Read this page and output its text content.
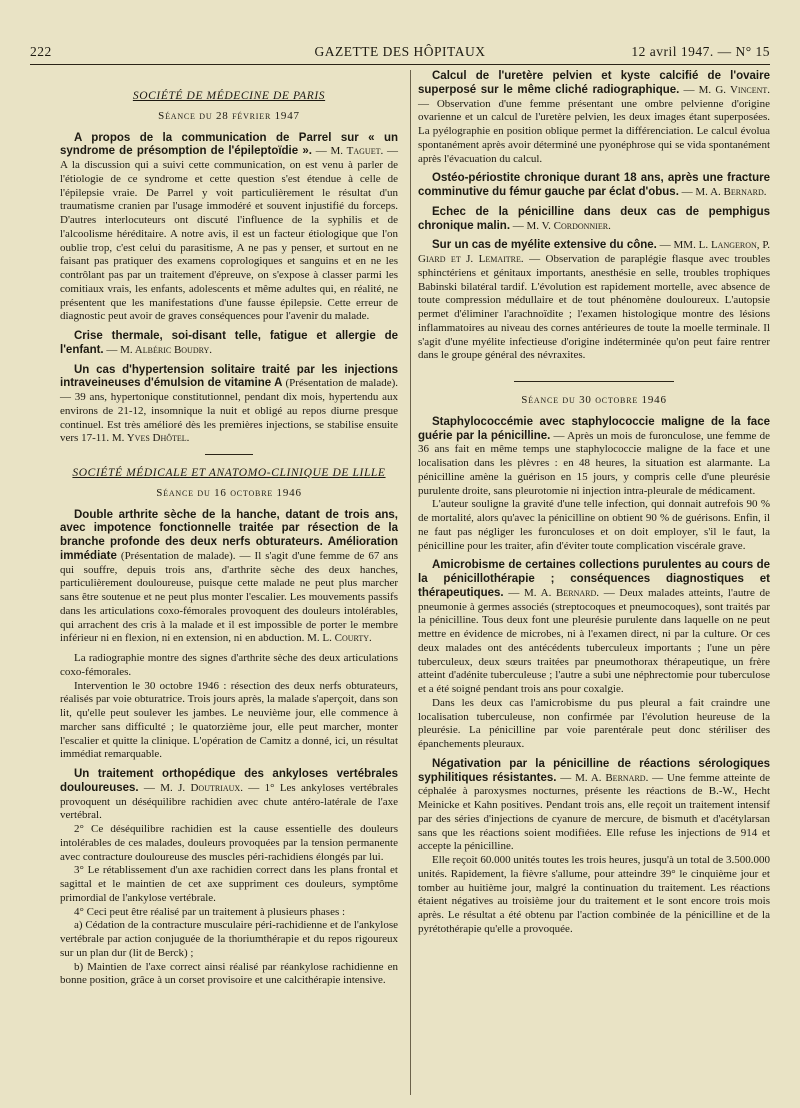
222	GAZETTE DES HÔPITAUX	12 avril 1947. — N° 15
SOCIÉTÉ DE MÉDECINE DE PARIS
Séance du 28 février 1947

A propos de la communication de Parrel sur « un syndrome de présomption de l'épileptoïdie ». — M. Taguet. — A la discussion qui a suivi cette communication, on est venu à parler de l'étiologie de ce syndrome et cette question s'est étendue à celle de l'épilepsie vraie. De Parrel y voit particulièrement le résultat d'un traumatisme cranien par l'usage immodéré et souvent injustifié du forceps. D'autres interlocuteurs ont discuté l'influence de la syphilis et de l'alcoolisme héréditaire. A notre avis, il est un facteur étiologique que l'on oublie trop, c'est celui du parasitisme, A ne pas y penser, et surtout en ne faisant pas pratiquer des examens coprologiques et sanguins et en ne les contrôlant pas par un traitement d'épreuve, on s'expose à classer parmi les comitiaux vrais, les enfants, adolescents et même adultes qui, en réalité, ne présentent que les manifestations d'une fausse épilepsie. Cette erreur de diagnostic peut avoir de graves conséquences pour l'avenir du malade.

Crise thermale, soi-disant telle, fatigue et allergie de l'enfant. — M. Albéric Boudry.

Un cas d'hypertension solitaire traité par les injections intraveineuses d'émulsion de vitamine A (Présentation de malade). — 39 ans, hypertonique constitutionnel, pendant dix mois, hypertendu aux environs de 21-12, insomnique la nuit et obligé au repos diurne presque continuel. Est très amélioré dès les premières injections, se stabilise ensuite vers 17-11. M. Yves Dhôtel.

SOCIÉTÉ MÉDICALE ET ANATOMO-CLINIQUE DE LILLE
Séance du 16 octobre 1946

Double arthrite sèche de la hanche, datant de trois ans, avec impotence fonctionnelle traitée par résection de la branche profonde des deux nerfs obturateurs. Amélioration immédiate (Présentation de malade). — Il s'agit d'une femme de 67 ans qui souffre, depuis trois ans, d'arthrite sèche des deux hanches, particulièrement douloureuse, puisque cette malade ne peut plus marcher sans être soutenue et ne peut plus monter l'escalier. Les mouvements passifs dans les articulations coxo-fémorales provoquent des douleurs intolérables, qui arrachent des cris à la malade et il est impossible de porter le membre inférieur ni en flexion, ni en extension, ni en abduction. M. L. Courty.

La radiographie montre des signes d'arthrite sèche des deux articulations coxo-fémorales.

Intervention le 30 octobre 1946 : résection des deux nerfs obturateurs, réalisés par voie obturatrice. Trois jours après, la malade s'aperçoit, dans son lit, qu'elle peut soulever les jambes. Le neuvième jour, elle commence à marcher sans difficulté ; le quatorzième jour, elle peut marcher, monter l'escalier et quitte la clinique. L'opération de Camitz a donné, ici, un résultat immédiat remarquable.

Un traitement orthopédique des ankyloses vertébrales douloureuses. — M. J. Doutriaux. — 1° Les ankyloses vertébrales provoquent un déséquilibre rachidien avec chute antéro-latérale de l'axe vertébral.

2° Ce déséquilibre rachidien est la cause essentielle des douleurs intolérables de ces malades, douleurs provoquées par la tension permanente avec contracture douloureuse des muscles péri-rachidiens élongés par lui.

3° Le rétablissement d'un axe rachidien correct dans les plans frontal et sagittal et le maintien de cet axe suppriment ces douleurs, symptôme primordial de l'ankylose vertébrale.

4° Ceci peut être réalisé par un traitement à plusieurs phases :

a) Cédation de la contracture musculaire péri-rachidienne et de l'ankylose vertébrale par action conjuguée de la thoriumthérapie et du repos rigoureux sur un plan dur (lit de Berck) ;

b) Maintien de l'axe correct ainsi réalisé par réankylose rachidienne en bonne position, grâce à un corset provisoire et une calcithérapie intensive.

Calcul de l'uretère pelvien et kyste calcifié de l'ovaire superposé sur le même cliché radiographique. — M. G. Vincent. — Observation d'une femme présentant une ombre pelvienne d'origine ovarienne et un calcul de l'uretère pelvien, les deux images étant superposées. La pyélographie en position oblique permet la différenciation. Le calcul évolua spontanément après avoir déterminé une pyonéphrose qui se vida spontanément après l'évacuation du calcul.

Ostéo-périostite chronique durant 18 ans, après une fracture comminutive du fémur gauche par éclat d'obus. — M. A. Bernard.

Echec de la pénicilline dans deux cas de pemphigus chronique malin. — M. V. Cordonnier.

Sur un cas de myélite extensive du cône. — MM. L. Langeron, P. Giard et J. Lemaitre. — Observation de paraplégie flasque avec troubles sphinctériens et génitaux importants, anesthésie en selle, troubles trophiques Babinski bilatéral tardif. L'évolution est rapidement mortelle, avec absence de toute compression médullaire et de tout phénomène douloureux. L'autopsie permet d'éliminer l'arachnoïdite ; l'examen histologique montre des lésions inflammatoires au niveau des cornes antérieures de toute la moelle terminale. Il s'agit d'une myélite infectieuse d'origine indéterminée qu'on peut faire rentrer dans le groupe général des névraxites.

Séance du 30 octobre 1946

Staphylococcémie avec staphylococcie maligne de la face guérie par la pénicilline. — Après un mois de furonculose, une femme de 36 ans fait en même temps une staphylococcie maligne de la face et une localisation dans les plèvres : en 48 heures, la situation est alarmante. La pénicilline amène la guérison en 15 jours, y compris celle d'une pleurésie purulente droite, sans pleurotomie ni injection intra-pleurale de médicament.

L'auteur souligne la gravité d'une telle infection, qui donnait autrefois 90 % de mortalité, alors qu'avec la pénicilline on obtient 90 % de guérisons. Enfin, il ne faut pas négliger les furonculoses et on doit employer, s'il le faut, la pénicilline pour les traiter, afin d'éviter toute complication viscérale grave.

Amicrobisme de certaines collections purulentes au cours de la pénicillothérapie ; conséquences diagnostiques et thérapeutiques. — M. A. Bernard. — Deux malades atteints, l'autre de pneumonie à germes associés (streptocoques et pneumocoques), sont traités par la pénicilline. Tous deux font une pleurésie purulente dans laquelle on ne peut mettre en évidence de microbes, ni à l'examen direct, ni par la culture. Or ces deux malades ont des antécédents tuberculeux importants ; l'une un père tuberculeux, deux sœurs traitées par pneumothorax thérapeutique, un frère atteint d'adénite tuberculeuse ; l'autre a subi une néphrectomie pour tuberculose et a été soigné pendant trois ans pour coxalgie.

Dans les deux cas l'amicrobisme du pus pleural a fait craindre une localisation tuberculeuse, non confirmée par l'évolution heureuse de la pleurésie. La pénicilline par voie parentérale peut donc stériliser des épanchements pleuraux.

Négativation par la pénicilline de réactions sérologiques syphilitiques résistantes. — M. A. Bernard. — Une femme atteinte de céphalée à paroxysmes nocturnes, présente les réactions de B.-W., Hecht Meinicke et Kahn positives. Pendant trois ans, elle reçoit un traitement intensif par des séries d'injections de cyanure de mercure, de bismuth et d'acétylarsan sans que les réactions soient modifiées. Elle refuse les injections de 914 et accepte la pénicilline.

Elle reçoit 60.000 unités toutes les trois heures, jusqu'à un total de 3.500.000 unités. Rapidement, la fièvre s'allume, pour atteindre 39° le cinquième jour et tomber au huitième jour, malgré la continuation du traitement. Les réactions étaient négatives au troisième jour du traitement et le sont encore trois mois après. Le résultat a été obtenu par l'action combinée de la pénicilline et de la pyrétothérapie qu'elle a provoquée.
